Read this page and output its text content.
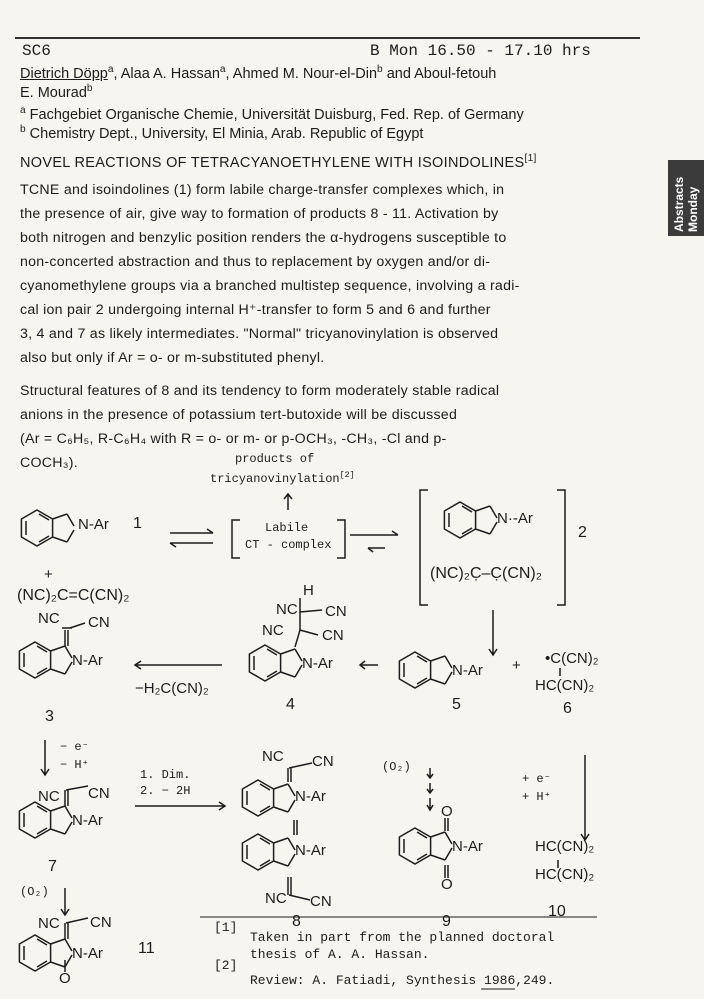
SC6	B Mon 16.50 - 17.10 hrs
Dietrich Döpp$^a$, Alaa A. Hassan$^a$, Ahmed M. Nour-el-Din$^b$ and Aboul-fetouh
E. Mourad$^b$
$^a$ Fachgebiet Organische Chemie, Universität Duisburg, Fed. Rep. of Germany
$^b$ Chemistry Dept., University, El Minia, Arab. Republic of Egypt
NOVEL REACTIONS OF TETRACYANOETHYLENE WITH ISOINDOLINES[1]
Abstracts
Monday
TCNE and isoindolines (1) form labile charge-transfer complexes which, in
the presence of air, give way to formation of products 8 - 11. Activation by
both nitrogen and benzylic position renders the α-hydrogens susceptible to
non-concerted abstraction and thus to replacement by oxygen and/or di-
cyanomethylene groups via a branched multistep sequence, involving a radi-
cal ion pair 2 undergoing internal H⁺-transfer to form 5 and 6 and further
3, 4 and 7 as likely intermediates. "Normal" tricyanovinylation is observed
also but only if Ar = o- or m-substituted phenyl.
Structural features of 8 and its tendency to form moderately stable radical
anions in the presence of potassium tert-butoxide will be discussed
(Ar = C₆H₅, R-C₆H₄ with R = o- or m- or p-OCH₃, -CH₃, -Cl and p-
COCH₃).	products of
tricyanovinylation[2]
N-Ar 1
+
(NC)₂C=C(CN)₂
Labile
CT - complex
N·-Ar
(NC)₂C̣–C̣(CN)₂
2
NC CN
N-Ar
3
−H₂C(CN)₂
H
NC CN
NC	CN
N-Ar
4
N-Ar
5
+ •C(CN)₂
HC(CN)₂
6
− e⁻
− H⁺
NC CN
N-Ar
7
1. Dim.
2. − 2H
NC CN
N-Ar
N-Ar
NC CN
8
(O₂)
O
N-Ar
O
9
+ e⁻
+ H⁺
HC(CN)₂
HC(CN)₂
10
(O₂)
NC CN
N-Ar
O
11
[1]
Taken in part from the planned doctoral
thesis of A. A. Hassan.
[2]
Review: A. Fatiadi, Synthesis 1986,249.
